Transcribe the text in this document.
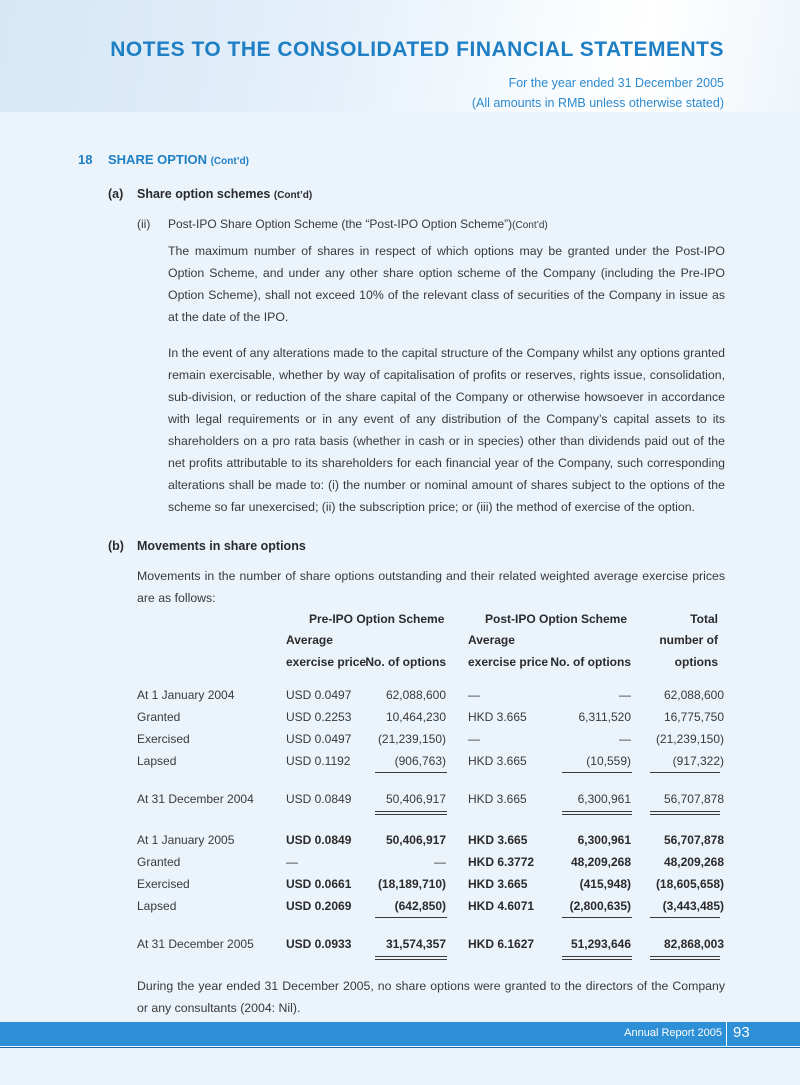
NOTES TO THE CONSOLIDATED FINANCIAL STATEMENTS
For the year ended 31 December 2005
(All amounts in RMB unless otherwise stated)
18 SHARE OPTION (Cont’d)
(a) Share option schemes (Cont’d)
(ii) Post-IPO Share Option Scheme (the “Post-IPO Option Scheme”)(Cont’d)

The maximum number of shares in respect of which options may be granted under the Post-IPO Option Scheme, and under any other share option scheme of the Company (including the Pre-IPO Option Scheme), shall not exceed 10% of the relevant class of securities of the Company in issue as at the date of the IPO.

In the event of any alterations made to the capital structure of the Company whilst any options granted remain exercisable, whether by way of capitalisation of profits or reserves, rights issue, consolidation, sub-division, or reduction of the share capital of the Company or otherwise howsoever in accordance with legal requirements or in any event of any distribution of the Company’s capital assets to its shareholders on a pro rata basis (whether in cash or in species) other than dividends paid out of the net profits attributable to its shareholders for each financial year of the Company, such corresponding alterations shall be made to: (i) the number or nominal amount of shares subject to the options of the scheme so far unexercised; (ii) the subscription price; or (iii) the method of exercise of the option.

(b) Movements in share options

Movements in the number of share options outstanding and their related weighted average exercise prices are as follows:

Pre-IPO Option Scheme	Post-IPO Option Scheme	Total
Average	Average	number of
exercise price No. of options exercise price No. of options	options
At 1 January 2004	USD 0.0497	62,088,600 —	—	62,088,600
Granted	USD 0.2253	10,464,230 HKD 3.665	6,311,520	16,775,750
Exercised	USD 0.0497	(21,239,150) —	—	(21,239,150)
Lapsed	USD 0.1192	(906,763) HKD 3.665	(10,559)	(917,322)
At 31 December 2004	USD 0.0849	50,406,917 HKD 3.665	6,300,961	56,707,878
At 1 January 2005	USD 0.0849	50,406,917 HKD 3.665	6,300,961	56,707,878
Granted	—	— HKD 6.3772	48,209,268	48,209,268
Exercised	USD 0.0661	(18,189,710) HKD 3.665	(415,948)	(18,605,658)
Lapsed	USD 0.2069	(642,850) HKD 4.6071	(2,800,635)	(3,443,485)
At 31 December 2005	USD 0.0933	31,574,357 HKD 6.1627	51,293,646	82,868,003

During the year ended 31 December 2005, no share options were granted to the directors of the Company or any consultants (2004: Nil).

Annual Report 2005 93
